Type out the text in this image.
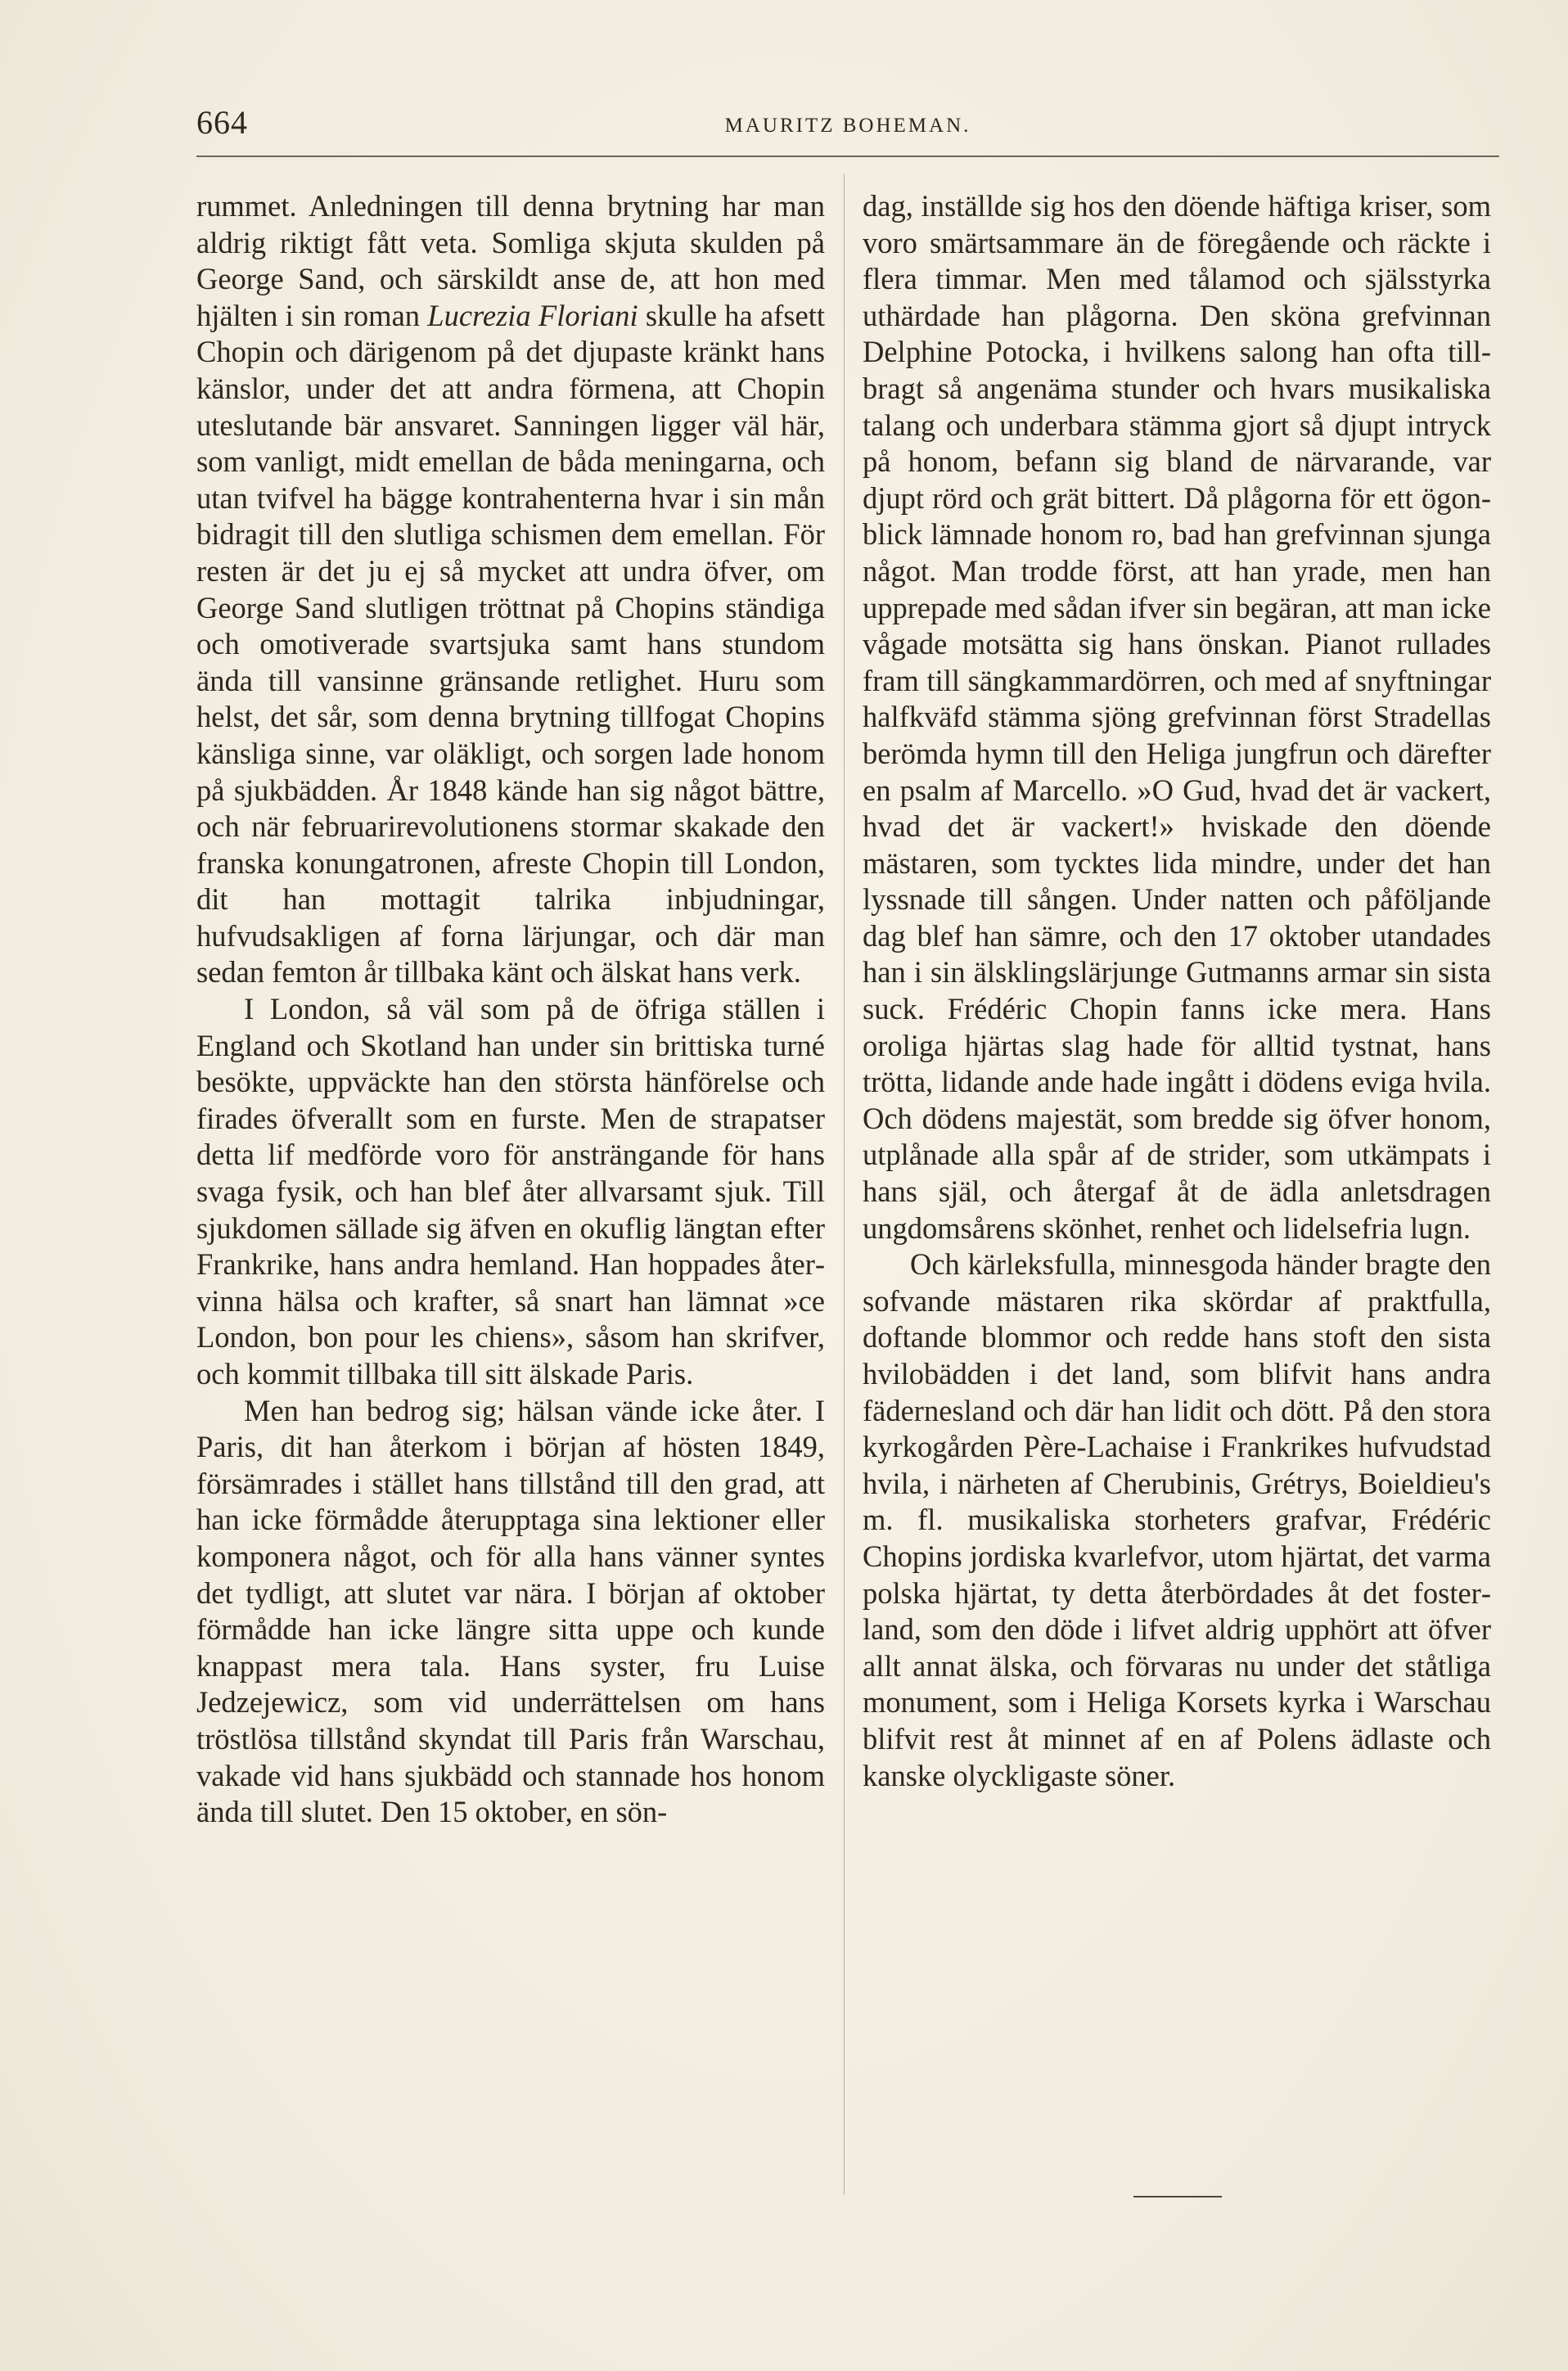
664	MAURITZ BOHEMAN.

rummet. Anledningen till denna brytning har man aldrig riktigt fått veta. Somliga skjuta skulden på George Sand, och särskildt anse de, att hon med hjälten i sin roman Lucrezia Floriani skulle ha afsett Chopin och därigenom på det djupaste kränkt hans känslor, under det att andra förmena, att Chopin uteslutande bär ansvaret. Sanningen ligger väl här, som vanligt, midt emellan de båda meningarna, och utan tvifvel ha bägge kontrahenterna hvar i sin mån bidragit till den slutliga schismen dem emellan. För resten är det ju ej så mycket att undra öfver, om George Sand slutligen tröttnat på Chopins ständiga och omotiverade svartsjuka samt hans stundom ända till vansinne gränsande retlighet. Huru som helst, det sår, som denna brytning tillfogat Chopins känsliga sinne, var oläkligt, och sorgen lade honom på sjukbädden. År 1848 kände han sig något bättre, och när februarirevolutionens stormar skakade den franska konungatronen, afreste Chopin till London, dit han mottagit talrika inbjudningar, hufvudsakligen af forna lärjungar, och där man sedan femton år tillbaka känt och älskat hans verk.

I London, så väl som på de öfriga ställen i England och Skotland han under sin brittiska turné besökte, uppväckte han den största hänförelse och firades öfverallt som en furste. Men de strapatser detta lif medförde voro för ansträngande för hans svaga fysik, och han blef åter allvarsamt sjuk. Till sjukdomen sällade sig äfven en okuflig längtan efter Frankrike, hans andra hemland. Han hoppades återvinna hälsa och krafter, så snart han lämnat »ce London, bon pour les chiens», såsom han skrifver, och kommit tillbaka till sitt älskade Paris.

Men han bedrog sig; hälsan vände icke åter. I Paris, dit han återkom i början af hösten 1849, försämrades i stället hans tillstånd till den grad, att han icke förmådde återupptaga sina lektioner eller komponera något, och för alla hans vänner syntes det tydligt, att slutet var nära. I början af oktober förmådde han icke längre sitta uppe och kunde knappast mera tala. Hans syster, fru Luise Jedzejewicz, som vid underrättelsen om hans tröstlösa tillstånd skyndat till Paris från Warschau, vakade vid hans sjukbädd och stannade hos honom ända till slutet. Den 15 oktober, en sön-

dag, inställde sig hos den döende häftiga kriser, som voro smärtsammare än de föregående och räckte i flera timmar. Men med tålamod och själsstyrka uthärdade han plågorna. Den sköna grefvinnan Delphine Potocka, i hvilkens salong han ofta tillbragt så angenäma stunder och hvars musikaliska talang och underbara stämma gjort så djupt intryck på honom, befann sig bland de närvarande, var djupt rörd och grät bittert. Då plågorna för ett ögonblick lämnade honom ro, bad han grefvinnan sjunga något. Man trodde först, att han yrade, men han upprepade med sådan ifver sin begäran, att man icke vågade motsätta sig hans önskan. Pianot rullades fram till sängkammardörren, och med af snyftningar halfkväfd stämma sjöng grefvinnan först Stradellas berömda hymn till den Heliga jungfrun och därefter en psalm af Marcello. »O Gud, hvad det är vackert, hvad det är vackert!» hviskade den döende mästaren, som tycktes lida mindre, under det han lyssnade till sången. Under natten och påföljande dag blef han sämre, och den 17 oktober utandades han i sin älsklingslärjunge Gutmanns armar sin sista suck. Frédéric Chopin fanns icke mera. Hans oroliga hjärtas slag hade för alltid tystnat, hans trötta, lidande ande hade ingått i dödens eviga hvila. Och dödens majestät, som bredde sig öfver honom, utplånade alla spår af de strider, som utkämpats i hans själ, och återgaf åt de ädla anletsdragen ungdomsårens skönhet, renhet och lidelsefria lugn.

Och kärleksfulla, minnesgoda händer bragte den sofvande mästaren rika skördar af praktfulla, doftande blommor och redde hans stoft den sista hvilobädden i det land, som blifvit hans andra fädernesland och där han lidit och dött. På den stora kyrkogården Père-Lachaise i Frankrikes hufvudstad hvila, i närheten af Cherubinis, Grétrys, Boieldieu's m. fl. musikaliska storheters grafvar, Frédéric Chopins jordiska kvarlefvor, utom hjärtat, det varma polska hjärtat, ty detta återbördades åt det fosterland, som den döde i lifvet aldrig upphört att öfver allt annat älska, och förvaras nu under det ståtliga monument, som i Heliga Korsets kyrka i Warschau blifvit rest åt minnet af en af Polens ädlaste och kanske olyckligaste söner.
